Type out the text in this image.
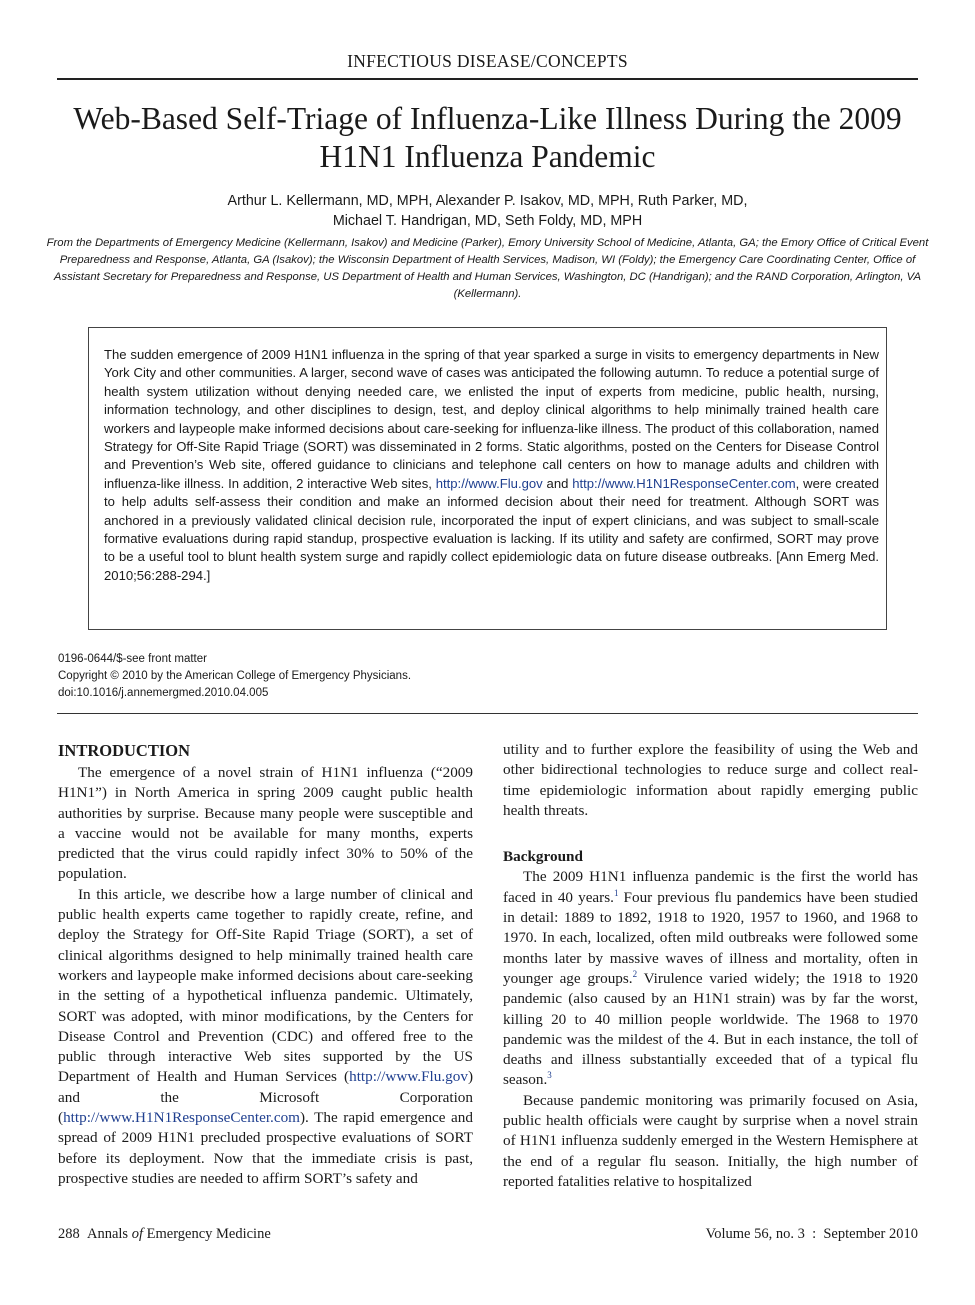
INFECTIOUS DISEASE/CONCEPTS
Web-Based Self-Triage of Influenza-Like Illness During the 2009 H1N1 Influenza Pandemic
Arthur L. Kellermann, MD, MPH, Alexander P. Isakov, MD, MPH, Ruth Parker, MD,
Michael T. Handrigan, MD, Seth Foldy, MD, MPH
From the Departments of Emergency Medicine (Kellermann, Isakov) and Medicine (Parker), Emory University School of Medicine, Atlanta, GA; the Emory Office of Critical Event Preparedness and Response, Atlanta, GA (Isakov); the Wisconsin Department of Health Services, Madison, WI (Foldy); the Emergency Care Coordinating Center, Office of Assistant Secretary for Preparedness and Response, US Department of Health and Human Services, Washington, DC (Handrigan); and the RAND Corporation, Arlington, VA (Kellermann).

The sudden emergence of 2009 H1N1 influenza in the spring of that year sparked a surge in visits to emergency departments in New York City and other communities. A larger, second wave of cases was anticipated the following autumn. To reduce a potential surge of health system utilization without denying needed care, we enlisted the input of experts from medicine, public health, nursing, information technology, and other disciplines to design, test, and deploy clinical algorithms to help minimally trained health care workers and laypeople make informed decisions about care-seeking for influenza-like illness. The product of this collaboration, named Strategy for Off-Site Rapid Triage (SORT) was disseminated in 2 forms. Static algorithms, posted on the Centers for Disease Control and Prevention’s Web site, offered guidance to clinicians and telephone call centers on how to manage adults and children with influenza-like illness. In addition, 2 interactive Web sites, http://www.Flu.gov and http://www.H1N1ResponseCenter.com, were created to help adults self-assess their condition and make an informed decision about their need for treatment. Although SORT was anchored in a previously validated clinical decision rule, incorporated the input of expert clinicians, and was subject to small-scale formative evaluations during rapid standup, prospective evaluation is lacking. If its utility and safety are confirmed, SORT may prove to be a useful tool to blunt health system surge and rapidly collect epidemiologic data on future disease outbreaks. [Ann Emerg Med. 2010;56:288-294.]

0196-0644/$-see front matter
Copyright © 2010 by the American College of Emergency Physicians.
doi:10.1016/j.annemergmed.2010.04.005
INTRODUCTION

The emergence of a novel strain of H1N1 influenza (“2009 H1N1”) in North America in spring 2009 caught public health authorities by surprise. Because many people were susceptible and a vaccine would not be available for many months, experts predicted that the virus could rapidly infect 30% to 50% of the population.

In this article, we describe how a large number of clinical and public health experts came together to rapidly create, refine, and deploy the Strategy for Off-Site Rapid Triage (SORT), a set of clinical algorithms designed to help minimally trained health care workers and laypeople make informed decisions about care-seeking in the setting of a hypothetical influenza pandemic. Ultimately, SORT was adopted, with minor modifications, by the Centers for Disease Control and Prevention (CDC) and offered free to the public through interactive Web sites supported by the US Department of Health and Human Services (http://www.Flu.gov) and the Microsoft Corporation (http://www.H1N1ResponseCenter.com). The rapid emergence and spread of 2009 H1N1 precluded prospective evaluations of SORT before its deployment. Now that the immediate crisis is past, prospective studies are needed to affirm SORT’s safety and

utility and to further explore the feasibility of using the Web and other bidirectional technologies to reduce surge and collect real-time epidemiologic information about rapidly emerging public health threats.

Background

The 2009 H1N1 influenza pandemic is the first the world has faced in 40 years.$^1$ Four previous flu pandemics have been studied in detail: 1889 to 1892, 1918 to 1920, 1957 to 1960, and 1968 to 1970. In each, localized, often mild outbreaks were followed some months later by massive waves of illness and mortality, often in younger age groups.$^2$ Virulence varied widely; the 1918 to 1920 pandemic (also caused by an H1N1 strain) was by far the worst, killing 20 to 40 million people worldwide. The 1968 to 1970 pandemic was the mildest of the 4. But in each instance, the toll of deaths and illness substantially exceeded that of a typical flu season.$^3$

Because pandemic monitoring was primarily focused on Asia, public health officials were caught by surprise when a novel strain of H1N1 influenza suddenly emerged in the Western Hemisphere at the end of a regular flu season. Initially, the high number of reported fatalities relative to hospitalized

288 Annals of Emergency Medicine	Volume 56, no. 3  :  September 2010
